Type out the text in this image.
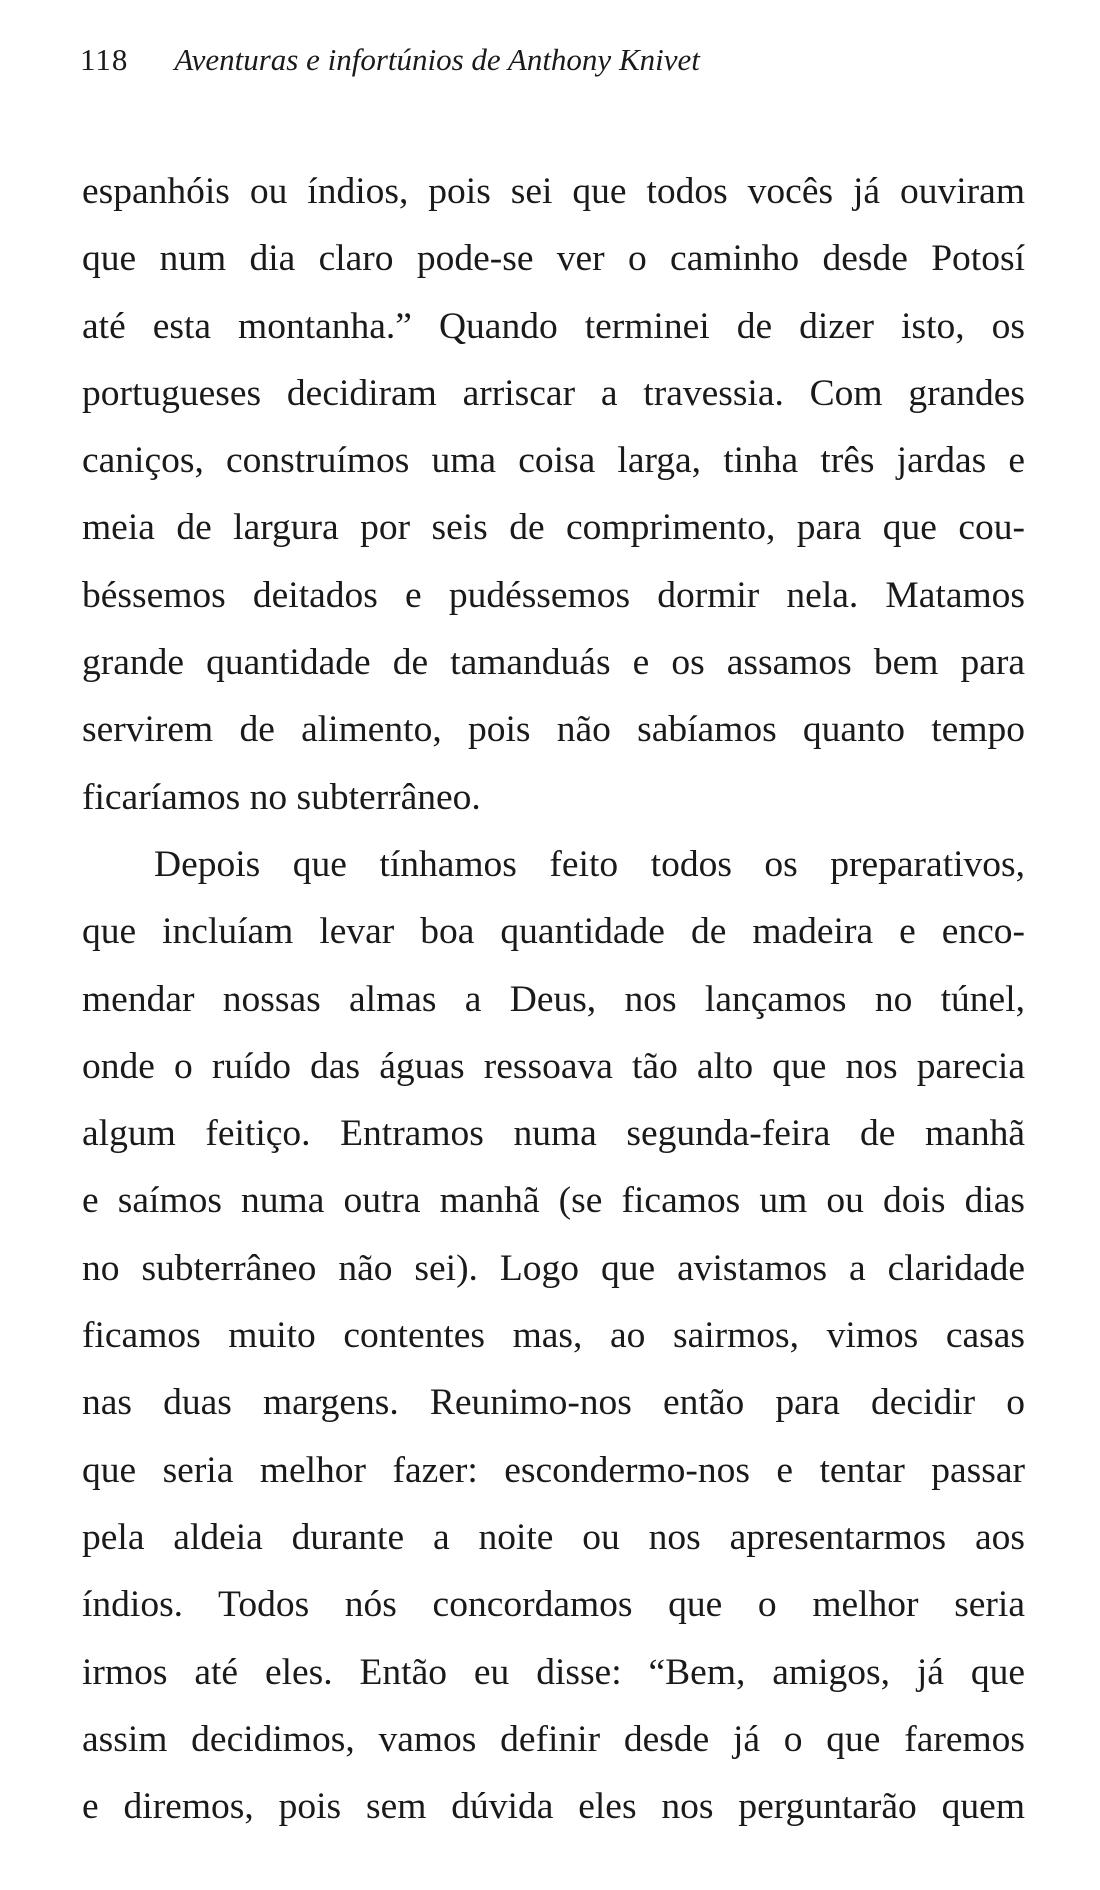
118 Aventuras e infortúnios de Anthony Knivet
espanhóis ou índios, pois sei que todos vocês já ouviram
que num dia claro pode-se ver o caminho desde Potosí
até esta montanha.” Quando terminei de dizer isto, os
portugueses decidiram arriscar a travessia. Com grandes
caniços, construímos uma coisa larga, tinha três jardas e
meia de largura por seis de comprimento, para que cou-
béssemos deitados e pudéssemos dormir nela. Matamos
grande quantidade de tamanduás e os assamos bem para
servirem de alimento, pois não sabíamos quanto tempo
ficaríamos no subterrâneo.
Depois que tínhamos feito todos os preparativos,
que incluíam levar boa quantidade de madeira e enco-
mendar nossas almas a Deus, nos lançamos no túnel,
onde o ruído das águas ressoava tão alto que nos parecia
algum feitiço. Entramos numa segunda-feira de manhã
e saímos numa outra manhã (se ficamos um ou dois dias
no subterrâneo não sei). Logo que avistamos a claridade
ficamos muito contentes mas, ao sairmos, vimos casas
nas duas margens. Reunimo-nos então para decidir o
que seria melhor fazer: escondermo-nos e tentar passar
pela aldeia durante a noite ou nos apresentarmos aos
índios. Todos nós concordamos que o melhor seria
irmos até eles. Então eu disse: “Bem, amigos, já que
assim decidimos, vamos definir desde já o que faremos
e diremos, pois sem dúvida eles nos perguntarão quem
